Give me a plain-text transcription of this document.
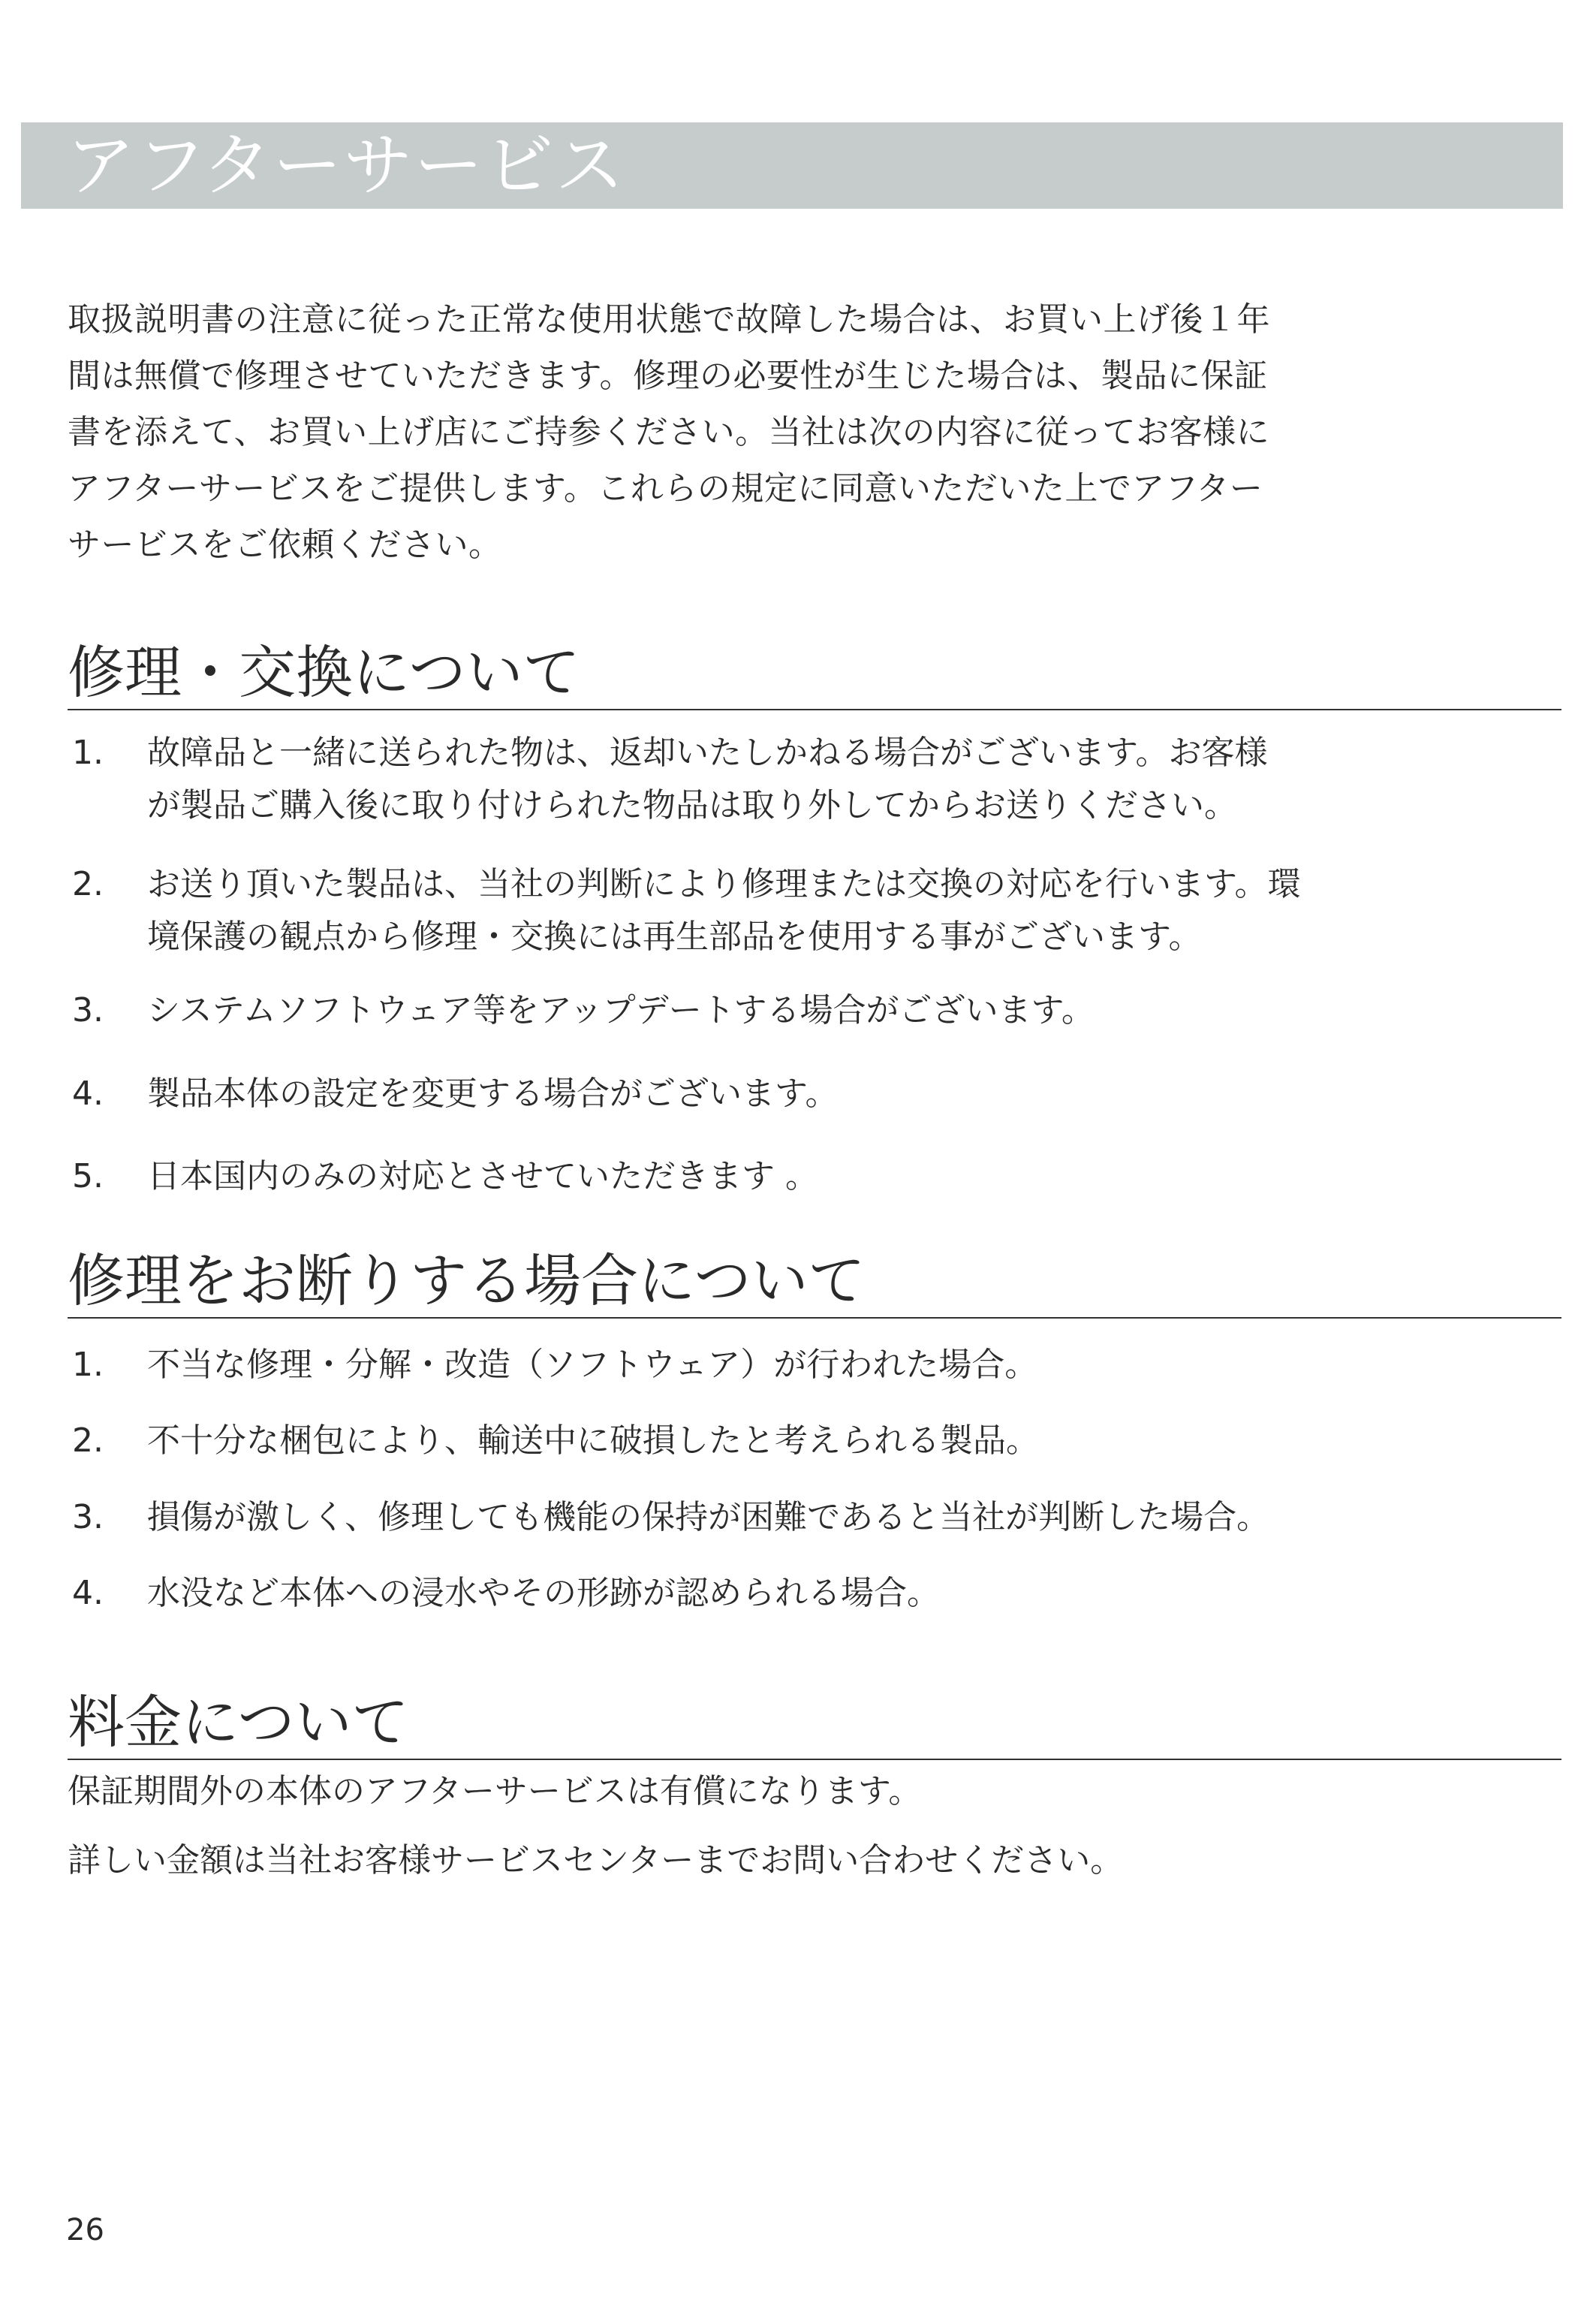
アフターサービス
取扱説明書の注意に従った正常な使用状態で故障した場合は、お買い上げ後１年
間は無償で修理させていただきます。修理の必要性が生じた場合は、製品に保証
書を添えて、お買い上げ店にご持参ください。当社は次の内容に従ってお客様に
アフターサービスをご提供します。これらの規定に同意いただいた上でアフター
サービスをご依頼ください。
修理・交換について
1. 故障品と一緒に送られた物は、返却いたしかねる場合がございます。お客様
が製品ご購入後に取り付けられた物品は取り外してからお送りください。
2. お送り頂いた製品は、当社の判断により修理または交換の対応を行います。環
境保護の観点から修理・交換には再生部品を使用する事がございます。
3. システムソフトウェア等をアップデートする場合がございます。
4. 製品本体の設定を変更する場合がございます。
5. 日本国内のみの対応とさせていただきます 。
修理をお断りする場合について
1. 不当な修理・分解・改造（ソフトウェア）が行われた場合。
2. 不十分な梱包により、輸送中に破損したと考えられる製品。
3. 損傷が激しく、修理しても機能の保持が困難であると当社が判断した場合。
4. 水没など本体への浸水やその形跡が認められる場合。
料金について
保証期間外の本体のアフターサービスは有償になります。
詳しい金額は当社お客様サービスセンターまでお問い合わせください。
26
